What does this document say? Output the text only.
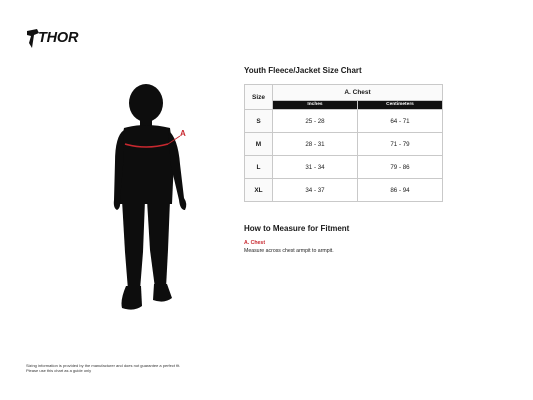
THOR
A
Youth Fleece/Jacket Size Chart
Size	A. Chest	
	Inches	Centimeters
S	25 - 28	64 - 71
M	28 - 31	71 - 79
L	31 - 34	79 - 86
XL	34 - 37	86 - 94
How to Measure for Fitment
A. Chest
Measure across chest armpit to armpit.
Sizing information is provided by the manufacturer and does not guarantee a perfect fit.
Please use this chart as a guide only
